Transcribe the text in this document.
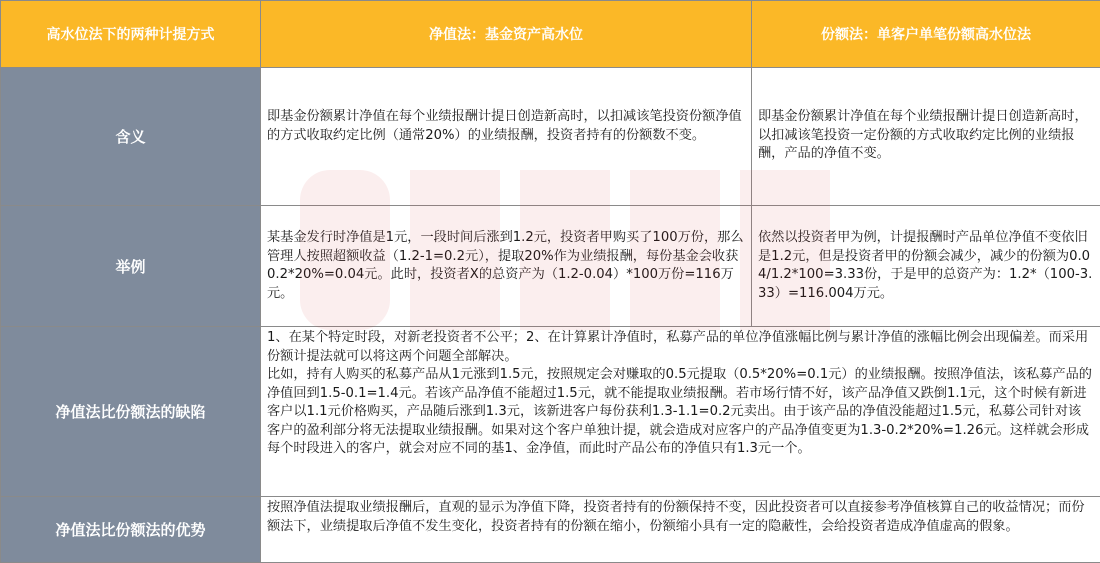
高水位法下的两种计提方式	净值法：基金资产高水位	份额法：单客户单笔份额高水位法
含义	即基金份额累计净值在每个业绩报酬计提日创造新高时，以扣减该笔投资份额净值的方式收取约定比例（通常20%）的业绩报酬，投资者持有的份额数不变。	即基金份额累计净值在每个业绩报酬计提日创造新高时，以扣减该笔投资一定份额的方式收取约定比例的业绩报酬，产品的净值不变。
举例	某基金发行时净值是1元，一段时间后涨到1.2元，投资者甲购买了100万份，那么管理人按照超额收益（1.2-1=0.2元），提取20%作为业绩报酬，每份基金会收获0.2*20%=0.04元。此时，投资者X的总资产为（1.2-0.04）*100万份=116万元。	依然以投资者甲为例，计提报酬时产品单位净值不变依旧是1.2元，但是投资者甲的份额会减少，减少的份额为0.04/1.2*100=3.33份，于是甲的总资产为：1.2*（100-3.33）=116.004万元。
净值法比份额法的缺陷	1、在某个特定时段，对新老投资者不公平；2、在计算累计净值时，私募产品的单位净值涨幅比例与累计净值的涨幅比例会出现偏差。而采用份额计提法就可以将这两个问题全部解决。
比如，持有人购买的私募产品从1元涨到1.5元，按照规定会对赚取的0.5元提取（0.5*20%=0.1元）的业绩报酬。按照净值法，该私募产品的净值回到1.5-0.1=1.4元。若该产品净值不能超过1.5元，就不能提取业绩报酬。若市场行情不好，该产品净值又跌倒1.1元，这个时候有新进客户以1.1元价格购买，产品随后涨到1.3元，该新进客户每份获利1.3-1.1=0.2元卖出。由于该产品的净值没能超过1.5元，私募公司针对该客户的盈利部分将无法提取业绩报酬。如果对这个客户单独计提，就会造成对应客户的产品净值变更为1.3-0.2*20%=1.26元。这样就会形成每个时段进入的客户，就会对应不同的基1、金净值，而此时产品公布的净值只有1.3元一个。	
净值法比份额法的优势	按照净值法提取业绩报酬后，直观的显示为净值下降，投资者持有的份额保持不变，因此投资者可以直接参考净值核算自己的收益情况；而份额法下，业绩提取后净值不发生变化，投资者持有的份额在缩小，份额缩小具有一定的隐蔽性，会给投资者造成净值虚高的假象。	
